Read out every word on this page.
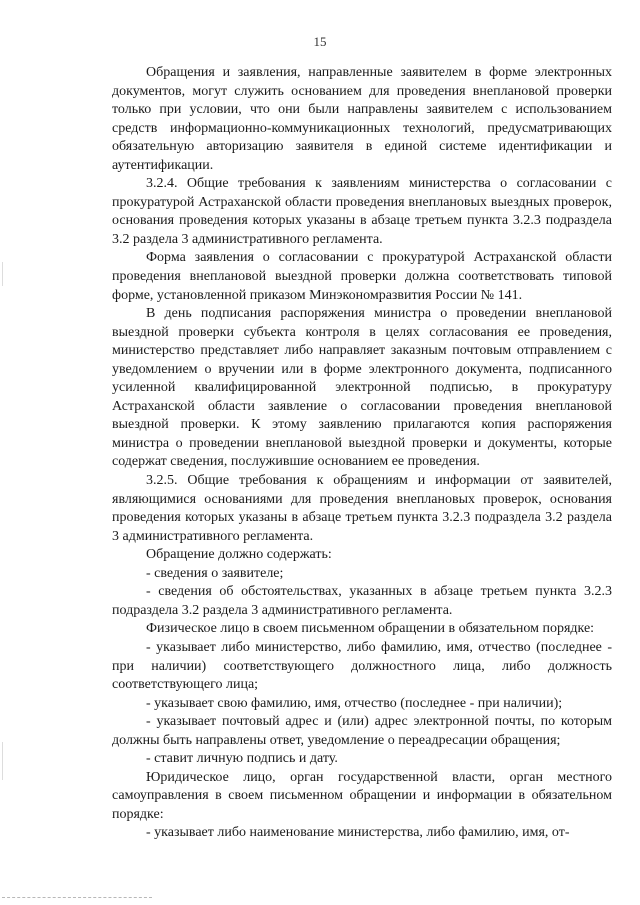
15

Обращения и заявления, направленные заявителем в форме электронных документов, могут служить основанием для проведения внеплановой проверки только при условии, что они были направлены заявителем с использованием средств информационно-коммуникационных технологий, предусматривающих обязательную авторизацию заявителя в единой системе идентификации и аутентификации.

3.2.4. Общие требования к заявлениям министерства о согласовании с прокуратурой Астраханской области проведения внеплановых выездных проверок, основания проведения которых указаны в абзаце третьем пункта 3.2.3 подраздела 3.2 раздела 3 административного регламента.

Форма заявления о согласовании с прокуратурой Астраханской области проведения внеплановой выездной проверки должна соответствовать типовой форме, установленной приказом Минэкономразвития России № 141.

В день подписания распоряжения министра о проведении внеплановой выездной проверки субъекта контроля в целях согласования ее проведения, министерство представляет либо направляет заказным почтовым отправлением с уведомлением о вручении или в форме электронного документа, подписанного усиленной квалифицированной электронной подписью, в прокуратуру Астраханской области заявление о согласовании проведения внеплановой выездной проверки. К этому заявлению прилагаются копия распоряжения министра о проведении внеплановой выездной проверки и документы, которые содержат сведения, послужившие основанием ее проведения.

3.2.5. Общие требования к обращениям и информации от заявителей, являющимися основаниями для проведения внеплановых проверок, основания проведения которых указаны в абзаце третьем пункта 3.2.3 подраздела 3.2 раздела 3 административного регламента.

Обращение должно содержать:

- сведения о заявителе;

- сведения об обстоятельствах, указанных в абзаце третьем пункта 3.2.3 подраздела 3.2 раздела 3 административного регламента.

Физическое лицо в своем письменном обращении в обязательном порядке:

- указывает либо министерство, либо фамилию, имя, отчество (последнее - при наличии) соответствующего должностного лица, либо должность соответствующего лица;

- указывает свою фамилию, имя, отчество (последнее - при наличии);

- указывает почтовый адрес и (или) адрес электронной почты, по которым должны быть направлены ответ, уведомление о переадресации обращения;

- ставит личную подпись и дату.

Юридическое лицо, орган государственной власти, орган местного самоуправления в своем письменном обращении и информации в обязательном порядке:

- указывает либо наименование министерства, либо фамилию, имя, от-
